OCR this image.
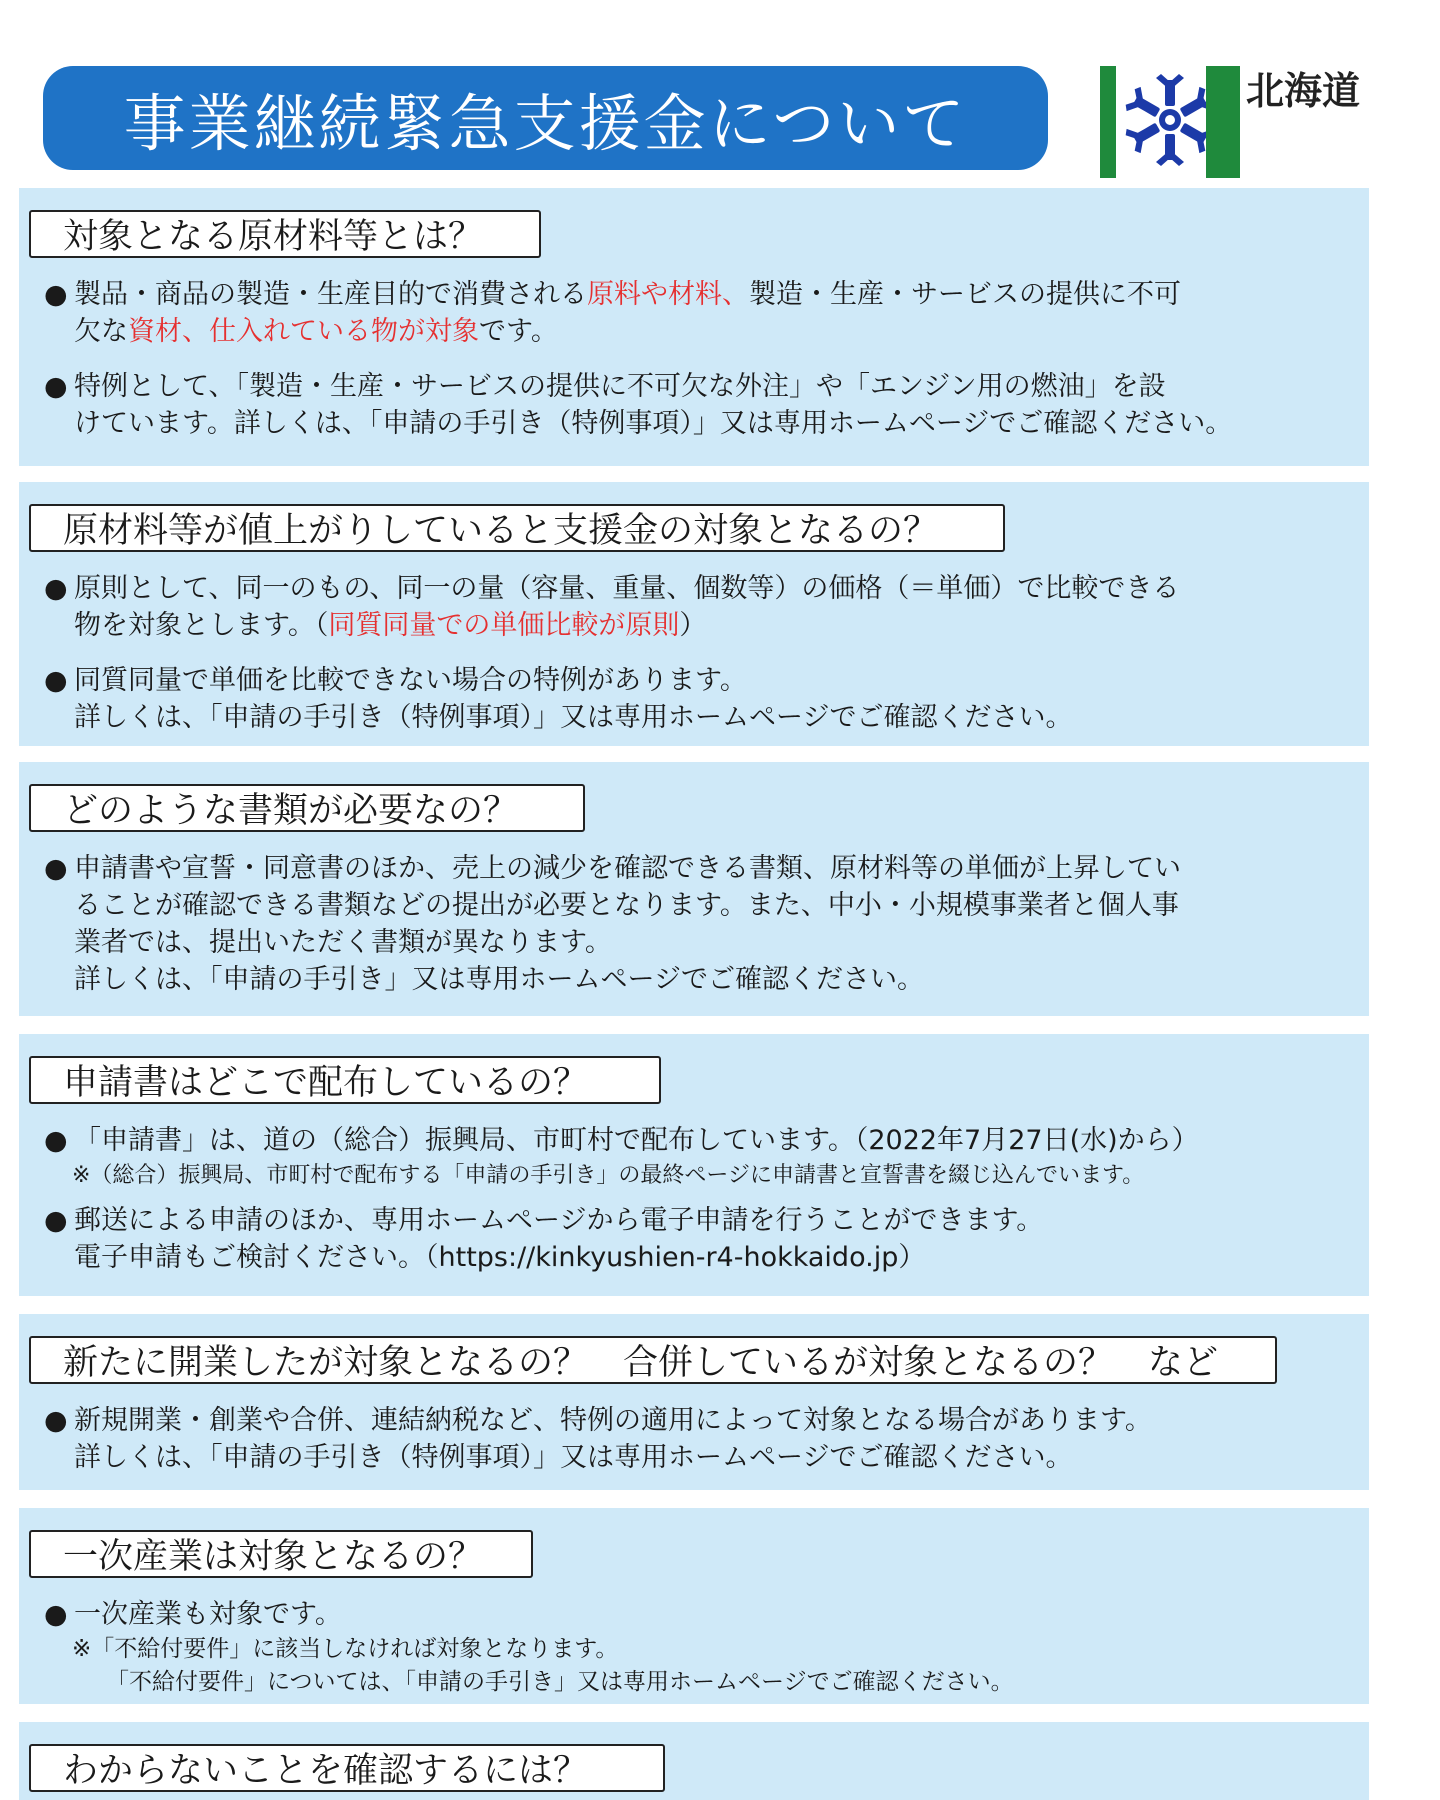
事業継続緊急支援金について	北海道
対象となる原材料等とは？

● 製品・商品の製造・生産目的で消費される原料や材料、製造・生産・サービスの提供に不可
欠な資材、仕入れている物が対象です。

● 特例として、「製造・生産・サービスの提供に不可欠な外注」や「エンジン用の燃油」を設
けています。詳しくは、「申請の手引き（特例事項）」又は専用ホームページでご確認ください。

原材料等が値上がりしていると支援金の対象となるの？

● 原則として、同一のもの、同一の量（容量、重量、個数等）の価格（＝単価）で比較できる
物を対象とします。（同質同量での単価比較が原則）

● 同質同量で単価を比較できない場合の特例があります。
詳しくは、「申請の手引き（特例事項）」又は専用ホームページでご確認ください。

どのような書類が必要なの？

● 申請書や宣誓・同意書のほか、売上の減少を確認できる書類、原材料等の単価が上昇してい
ることが確認できる書類などの提出が必要となります。また、中小・小規模事業者と個人事
業者では、提出いただく書類が異なります。
詳しくは、「申請の手引き」又は専用ホームページでご確認ください。

申請書はどこで配布しているの？

● 「申請書」は、道の（総合）振興局、市町村で配布しています。（2022年7月27日(水)から）

※（総合）振興局、市町村で配布する「申請の手引き」の最終ページに申請書と宣誓書を綴じ込んでいます。

● 郵送による申請のほか、専用ホームページから電子申請を行うことができます。
電子申請もご検討ください。（https://kinkyushien-r4-hokkaido.jp）

新たに開業したが対象となるの？　合併しているが対象となるの？　など

● 新規開業・創業や合併、連結納税など、特例の適用によって対象となる場合があります。
詳しくは、「申請の手引き（特例事項）」又は専用ホームページでご確認ください。

一次産業は対象となるの？

● 一次産業も対象です。

※「不給付要件」に該当しなければ対象となります。

「不給付要件」については、「申請の手引き」又は専用ホームページでご確認ください。

わからないことを確認するには？
